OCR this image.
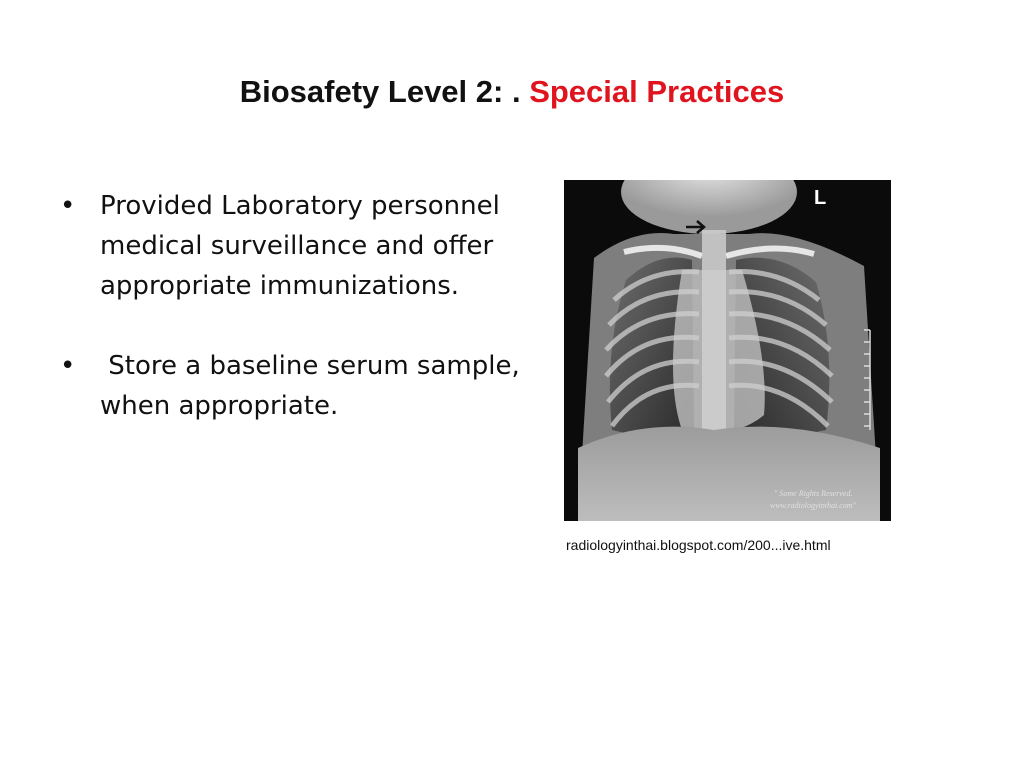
Biosafety Level 2: . Special Practices
• Provided Laboratory personnel medical surveillance and offer appropriate immunizations.
• Store a baseline serum sample, when appropriate.
L
" Some Rights Reserved.
www.radiologyinthai.com"
radiologyinthai.blogspot.com/200...ive.html
